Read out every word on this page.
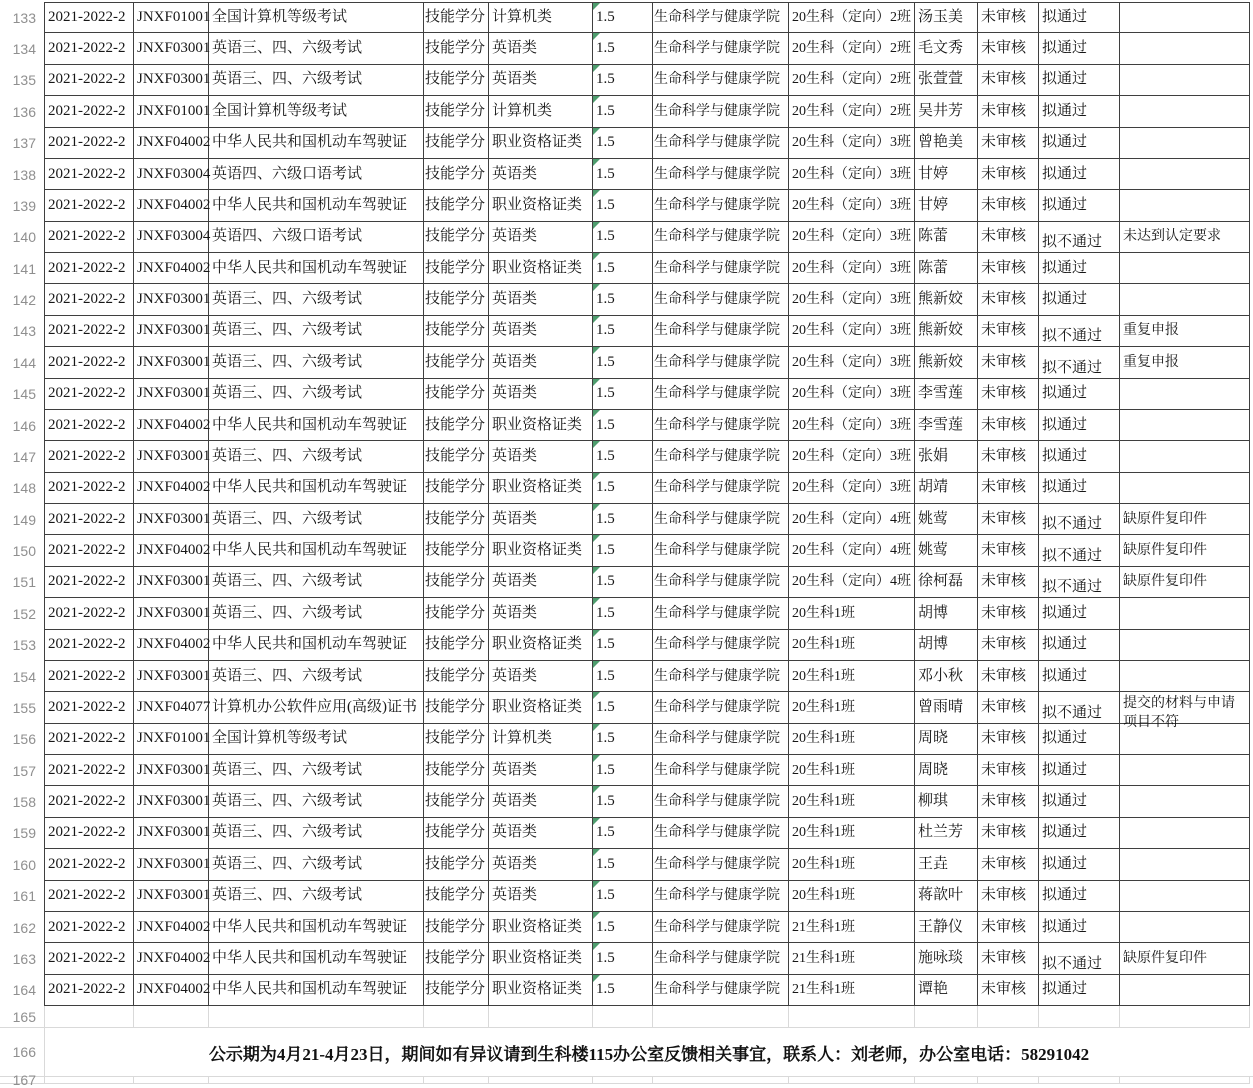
133 2021-2022-2 JNXF01001 全国计算机等级考试	技能学分 计算机类	1.5	生命科学与健康学院 20生科（定向）2班 汤玉美	未审核	拟通过
134 2021-2022-2 JNXF03001 英语三、四、六级考试	技能学分 英语类	1.5	生命科学与健康学院 20生科（定向）2班 毛文秀	未审核	拟通过
135 2021-2022-2 JNXF03001 英语三、四、六级考试	技能学分 英语类	1.5	生命科学与健康学院 20生科（定向）2班 张萱萱	未审核	拟通过
136 2021-2022-2 JNXF01001 全国计算机等级考试	技能学分 计算机类	1.5	生命科学与健康学院 20生科（定向）2班 吴井芳	未审核	拟通过
137 2021-2022-2 JNXF04002 中华人民共和国机动车驾驶证	技能学分 职业资格证类 1.5	生命科学与健康学院 20生科（定向）3班 曾艳美	未审核	拟通过
138 2021-2022-2 JNXF03004 英语四、六级口语考试	技能学分 英语类	1.5	生命科学与健康学院 20生科（定向）3班 甘婷	未审核	拟通过
139 2021-2022-2 JNXF04002 中华人民共和国机动车驾驶证	技能学分 职业资格证类 1.5	生命科学与健康学院 20生科（定向）3班 甘婷	未审核	拟通过
140 2021-2022-2 JNXF03004 英语四、六级口语考试	技能学分 英语类	1.5	生命科学与健康学院 20生科（定向）3班 陈蕾	未审核	拟不通过	未达到认定要求
141 2021-2022-2 JNXF04002 中华人民共和国机动车驾驶证	技能学分 职业资格证类 1.5	生命科学与健康学院 20生科（定向）3班 陈蕾	未审核	拟通过
142 2021-2022-2 JNXF03001 英语三、四、六级考试	技能学分 英语类	1.5	生命科学与健康学院 20生科（定向）3班 熊新姣	未审核	拟通过
143 2021-2022-2 JNXF03001 英语三、四、六级考试	技能学分 英语类	1.5	生命科学与健康学院 20生科（定向）3班 熊新姣	未审核	拟不通过	重复申报
144 2021-2022-2 JNXF03001 英语三、四、六级考试	技能学分 英语类	1.5	生命科学与健康学院 20生科（定向）3班 熊新姣	未审核	拟不通过	重复申报
145 2021-2022-2 JNXF03001 英语三、四、六级考试	技能学分 英语类	1.5	生命科学与健康学院 20生科（定向）3班 李雪莲	未审核	拟通过
146 2021-2022-2 JNXF04002 中华人民共和国机动车驾驶证	技能学分 职业资格证类 1.5	生命科学与健康学院 20生科（定向）3班 李雪莲	未审核	拟通过
147 2021-2022-2 JNXF03001 英语三、四、六级考试	技能学分 英语类	1.5	生命科学与健康学院 20生科（定向）3班 张娟	未审核	拟通过
148 2021-2022-2 JNXF04002 中华人民共和国机动车驾驶证	技能学分 职业资格证类 1.5	生命科学与健康学院 20生科（定向）3班 胡靖	未审核	拟通过
149 2021-2022-2 JNXF03001 英语三、四、六级考试	技能学分 英语类	1.5	生命科学与健康学院 20生科（定向）4班 姚莺	未审核	拟不通过	缺原件复印件
150 2021-2022-2 JNXF04002 中华人民共和国机动车驾驶证	技能学分 职业资格证类 1.5	生命科学与健康学院 20生科（定向）4班 姚莺	未审核	拟不通过	缺原件复印件
151 2021-2022-2 JNXF03001 英语三、四、六级考试	技能学分 英语类	1.5	生命科学与健康学院 20生科（定向）4班 徐柯磊	未审核	拟不通过	缺原件复印件
152 2021-2022-2 JNXF03001 英语三、四、六级考试	技能学分 英语类	1.5	生命科学与健康学院 20生科1班	胡博	未审核	拟通过
153 2021-2022-2 JNXF04002 中华人民共和国机动车驾驶证	技能学分 职业资格证类 1.5	生命科学与健康学院 20生科1班	胡博	未审核	拟通过
154 2021-2022-2 JNXF03001 英语三、四、六级考试	技能学分 英语类	1.5	生命科学与健康学院 20生科1班	邓小秋	未审核	拟通过
155 2021-2022-2 JNXF04077 计算机办公软件应用(高级)证书 技能学分 职业资格证类 1.5	生命科学与健康学院 20生科1班	曾雨晴	未审核	拟不通过
提交的材料与申请项目不符
156 2021-2022-2 JNXF01001 全国计算机等级考试	技能学分 计算机类	1.5	生命科学与健康学院 20生科1班	周晓	未审核	拟通过
157 2021-2022-2 JNXF03001 英语三、四、六级考试	技能学分 英语类	1.5	生命科学与健康学院 20生科1班	周晓	未审核	拟通过
158 2021-2022-2 JNXF03001 英语三、四、六级考试	技能学分 英语类	1.5	生命科学与健康学院 20生科1班	柳琪	未审核	拟通过
159 2021-2022-2 JNXF03001 英语三、四、六级考试	技能学分 英语类	1.5	生命科学与健康学院 20生科1班	杜兰芳	未审核	拟通过
160 2021-2022-2 JNXF03001 英语三、四、六级考试	技能学分 英语类	1.5	生命科学与健康学院 20生科1班	王垚	未审核	拟通过
161 2021-2022-2 JNXF03001 英语三、四、六级考试	技能学分 英语类	1.5	生命科学与健康学院 20生科1班	蒋歆叶	未审核	拟通过
162 2021-2022-2 JNXF04002 中华人民共和国机动车驾驶证	技能学分 职业资格证类 1.5	生命科学与健康学院 21生科1班	王静仪	未审核	拟通过
163 2021-2022-2 JNXF04002 中华人民共和国机动车驾驶证	技能学分 职业资格证类 1.5	生命科学与健康学院 21生科1班	施咏琰	未审核	拟不通过	缺原件复印件
164 2021-2022-2 JNXF04002 中华人民共和国机动车驾驶证	技能学分 职业资格证类 1.5	生命科学与健康学院 21生科1班	谭艳	未审核	拟通过
165
166	公示期为4月21-4月23日，期间如有异议请到生科楼115办公室反馈相关事宜，联系人：刘老师，办公室电话：58291042
167
